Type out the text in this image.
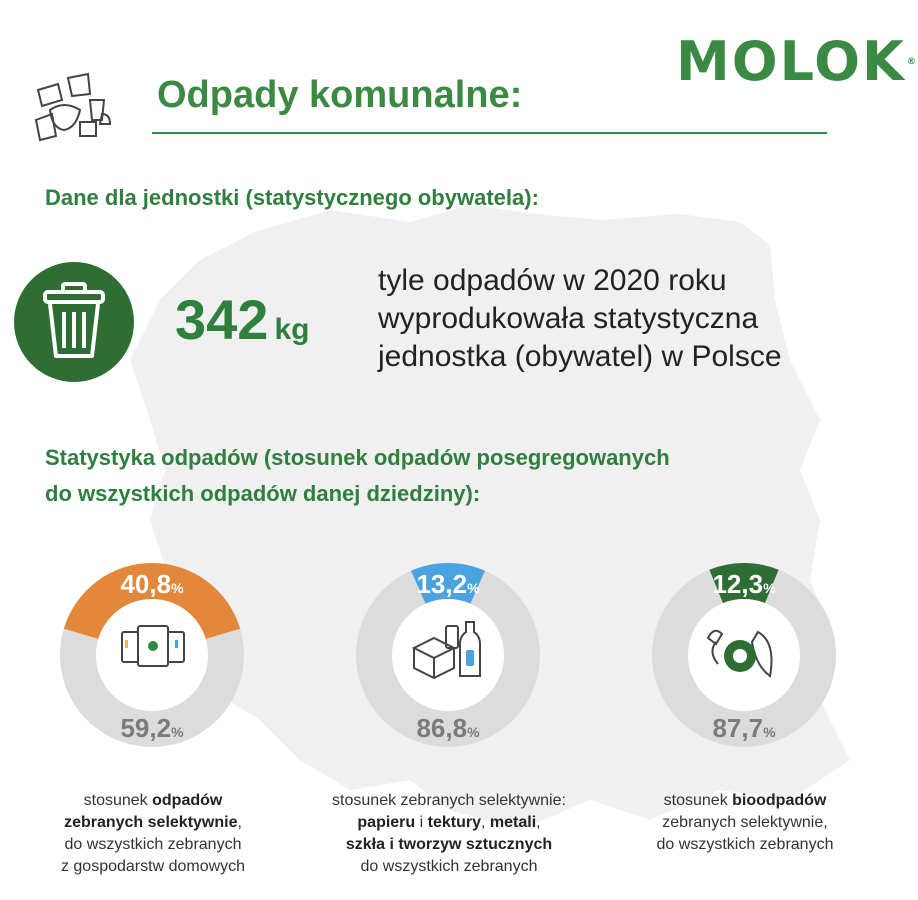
MOLOK®
Odpady komunalne:
Dane dla jednostki (statystycznego obywatela):
342 kg
tyle odpadów w 2020 roku
wyprodukowała statystyczna
jednostka (obywatel) w Polsce
Statystyka odpadów (stosunek odpadów posegregowanych
do wszystkich odpadów danej dziedziny):
40,8%
59,2%
13,2%
86,8%
12,3%
87,7%
stosunek odpadów
zebranych selektywnie,
do wszystkich zebranych
z gospodarstw domowych
stosunek zebranych selektywnie:
papieru i tektury, metali,
szkła i tworzyw sztucznych
do wszystkich zebranych
stosunek bioodpadów
zebranych selektywnie,
do wszystkich zebranych
